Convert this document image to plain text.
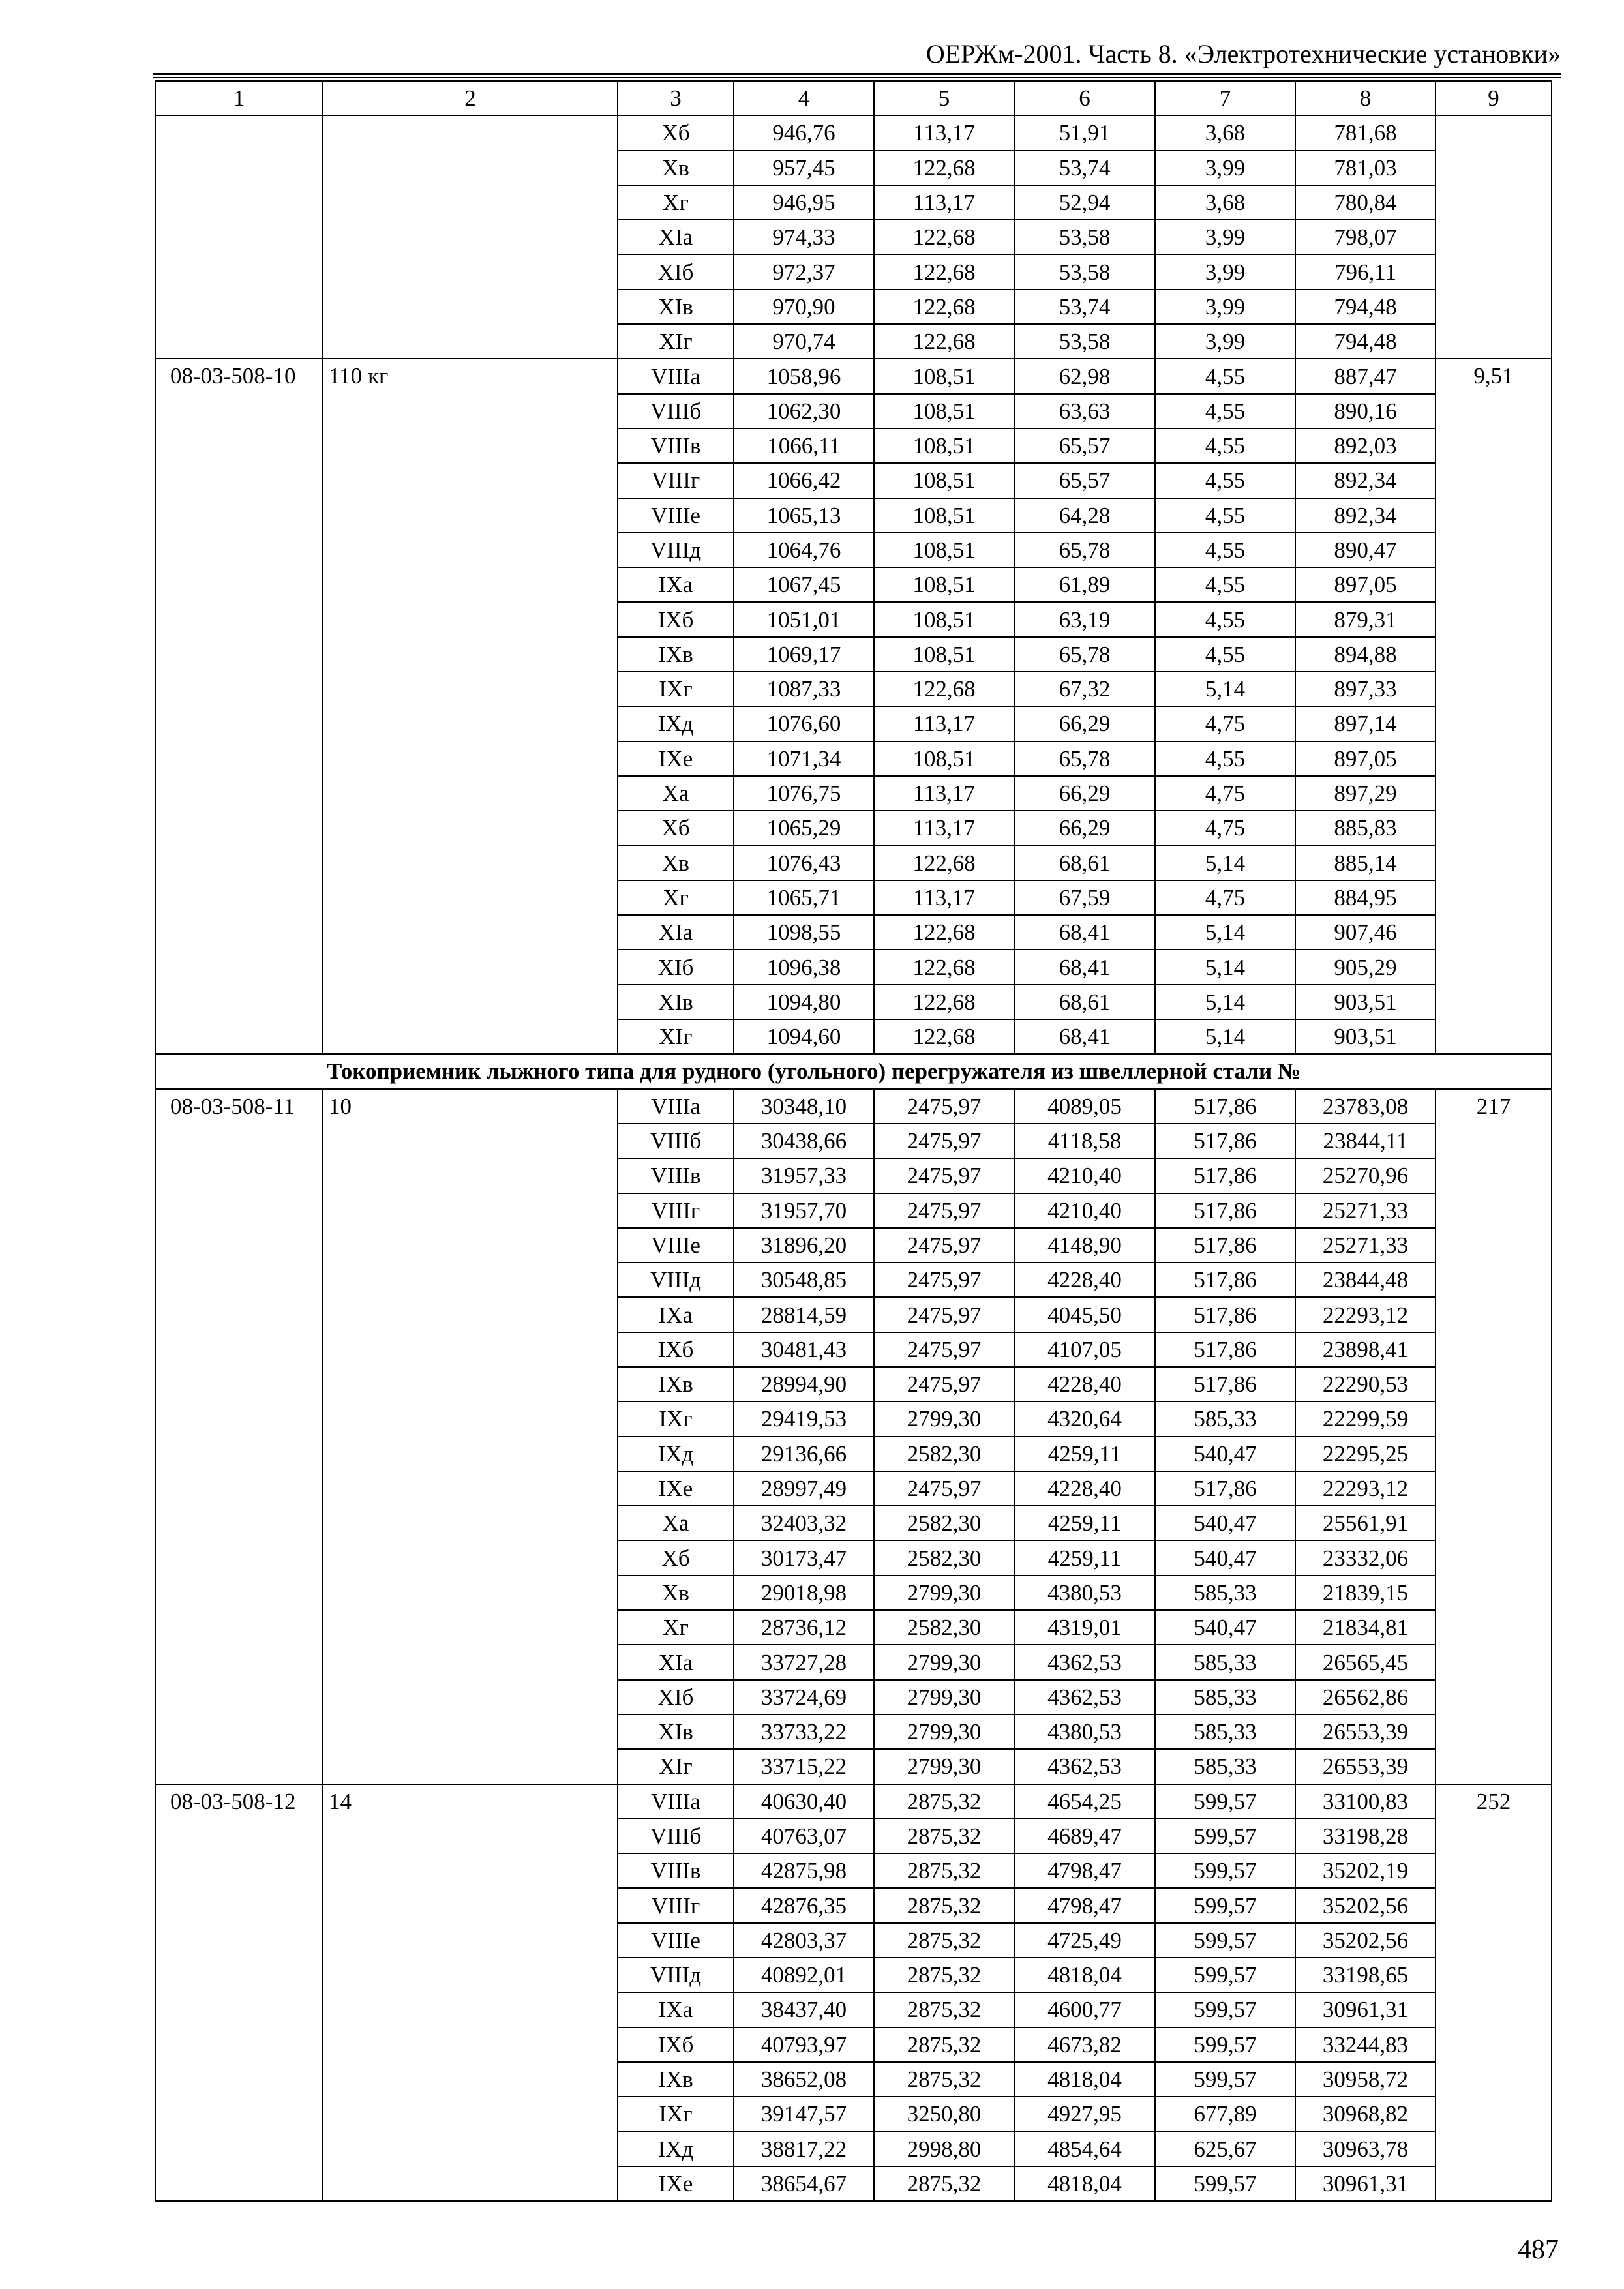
ОЕРЖм-2001. Часть 8. «Электротехнические установки»
1	2	3	4	5	6	7	8	9
		Xб	946,76	113,17	51,91	3,68	781,68	
		Xв	957,45	122,68	53,74	3,99	781,03	
		Xг	946,95	113,17	52,94	3,68	780,84	
		XIа	974,33	122,68	53,58	3,99	798,07	
		XIб	972,37	122,68	53,58	3,99	796,11	
		XIв	970,90	122,68	53,74	3,99	794,48	
		XIг	970,74	122,68	53,58	3,99	794,48	
08-03-508-10	110 кг	VIIIа	1058,96	108,51	62,98	4,55	887,47	9,51
		VIIIб	1062,30	108,51	63,63	4,55	890,16	
		VIIIв	1066,11	108,51	65,57	4,55	892,03	
		VIIIг	1066,42	108,51	65,57	4,55	892,34	
		VIIIе	1065,13	108,51	64,28	4,55	892,34	
		VIIIд	1064,76	108,51	65,78	4,55	890,47	
		IXа	1067,45	108,51	61,89	4,55	897,05	
		IXб	1051,01	108,51	63,19	4,55	879,31	
		IXв	1069,17	108,51	65,78	4,55	894,88	
		IXг	1087,33	122,68	67,32	5,14	897,33	
		IXд	1076,60	113,17	66,29	4,75	897,14	
		IXе	1071,34	108,51	65,78	4,55	897,05	
		Xа	1076,75	113,17	66,29	4,75	897,29	
		Xб	1065,29	113,17	66,29	4,75	885,83	
		Xв	1076,43	122,68	68,61	5,14	885,14	
		Xг	1065,71	113,17	67,59	4,75	884,95	
		XIа	1098,55	122,68	68,41	5,14	907,46	
		XIб	1096,38	122,68	68,41	5,14	905,29	
		XIв	1094,80	122,68	68,61	5,14	903,51	
		XIг	1094,60	122,68	68,41	5,14	903,51	
Токоприемник лыжного типа для рудного (угольного) перегружателя из швеллерной стали №								
08-03-508-11	10	VIIIа	30348,10	2475,97	4089,05	517,86	23783,08	217
		VIIIб	30438,66	2475,97	4118,58	517,86	23844,11	
		VIIIв	31957,33	2475,97	4210,40	517,86	25270,96	
		VIIIг	31957,70	2475,97	4210,40	517,86	25271,33	
		VIIIе	31896,20	2475,97	4148,90	517,86	25271,33	
		VIIIд	30548,85	2475,97	4228,40	517,86	23844,48	
		IXа	28814,59	2475,97	4045,50	517,86	22293,12	
		IXб	30481,43	2475,97	4107,05	517,86	23898,41	
		IXв	28994,90	2475,97	4228,40	517,86	22290,53	
		IXг	29419,53	2799,30	4320,64	585,33	22299,59	
		IXд	29136,66	2582,30	4259,11	540,47	22295,25	
		IXе	28997,49	2475,97	4228,40	517,86	22293,12	
		Xа	32403,32	2582,30	4259,11	540,47	25561,91	
		Xб	30173,47	2582,30	4259,11	540,47	23332,06	
		Xв	29018,98	2799,30	4380,53	585,33	21839,15	
		Xг	28736,12	2582,30	4319,01	540,47	21834,81	
		XIа	33727,28	2799,30	4362,53	585,33	26565,45	
		XIб	33724,69	2799,30	4362,53	585,33	26562,86	
		XIв	33733,22	2799,30	4380,53	585,33	26553,39	
		XIг	33715,22	2799,30	4362,53	585,33	26553,39	
08-03-508-12	14	VIIIа	40630,40	2875,32	4654,25	599,57	33100,83	252
		VIIIб	40763,07	2875,32	4689,47	599,57	33198,28	
		VIIIв	42875,98	2875,32	4798,47	599,57	35202,19	
		VIIIг	42876,35	2875,32	4798,47	599,57	35202,56	
		VIIIе	42803,37	2875,32	4725,49	599,57	35202,56	
		VIIIд	40892,01	2875,32	4818,04	599,57	33198,65	
		IXа	38437,40	2875,32	4600,77	599,57	30961,31	
		IXб	40793,97	2875,32	4673,82	599,57	33244,83	
		IXв	38652,08	2875,32	4818,04	599,57	30958,72	
		IXг	39147,57	3250,80	4927,95	677,89	30968,82	
		IXд	38817,22	2998,80	4854,64	625,67	30963,78	
		IXе	38654,67	2875,32	4818,04	599,57	30961,31	
487
